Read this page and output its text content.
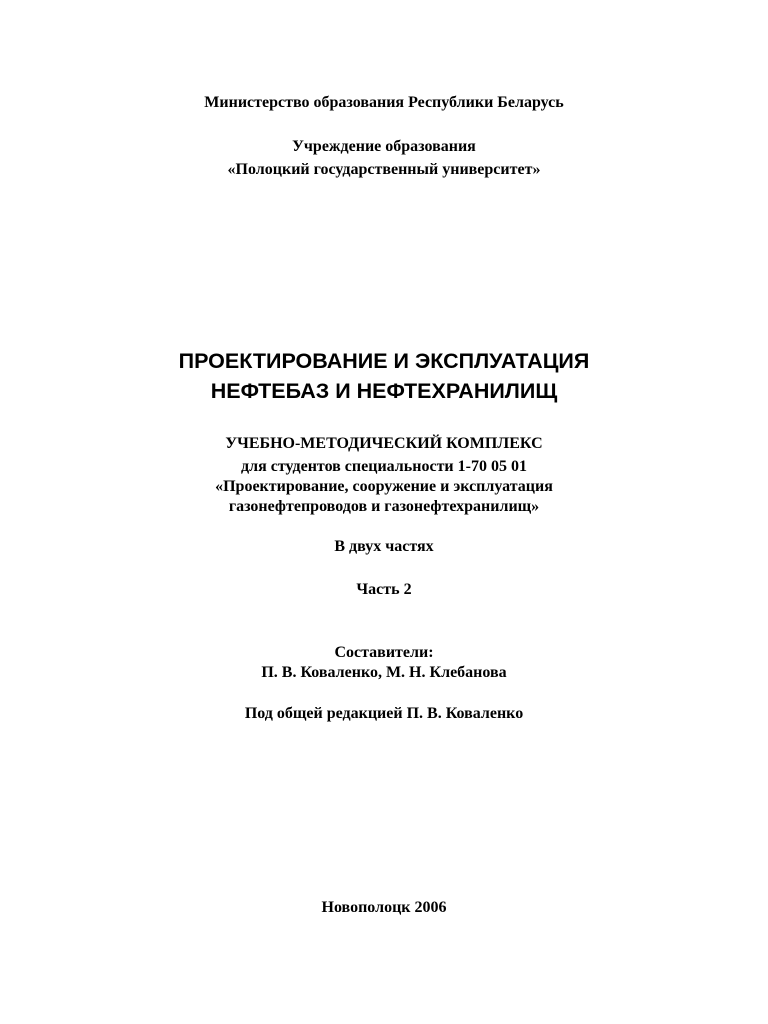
Министерство образования Республики Беларусь
Учреждение образования
«Полоцкий государственный университет»
ПРОЕКТИРОВАНИЕ И ЭКСПЛУАТАЦИЯ
НЕФТЕБАЗ И НЕФТЕХРАНИЛИЩ
УЧЕБНО-МЕТОДИЧЕСКИЙ КОМПЛЕКС
для студентов специальности 1-70 05 01
«Проектирование, сооружение и эксплуатация
газонефтепроводов и газонефтехранилищ»
В двух частях
Часть 2
Составители:
П. В. Коваленко, М. Н. Клебанова
Под общей редакцией П. В. Коваленко
Новополоцк 2006
